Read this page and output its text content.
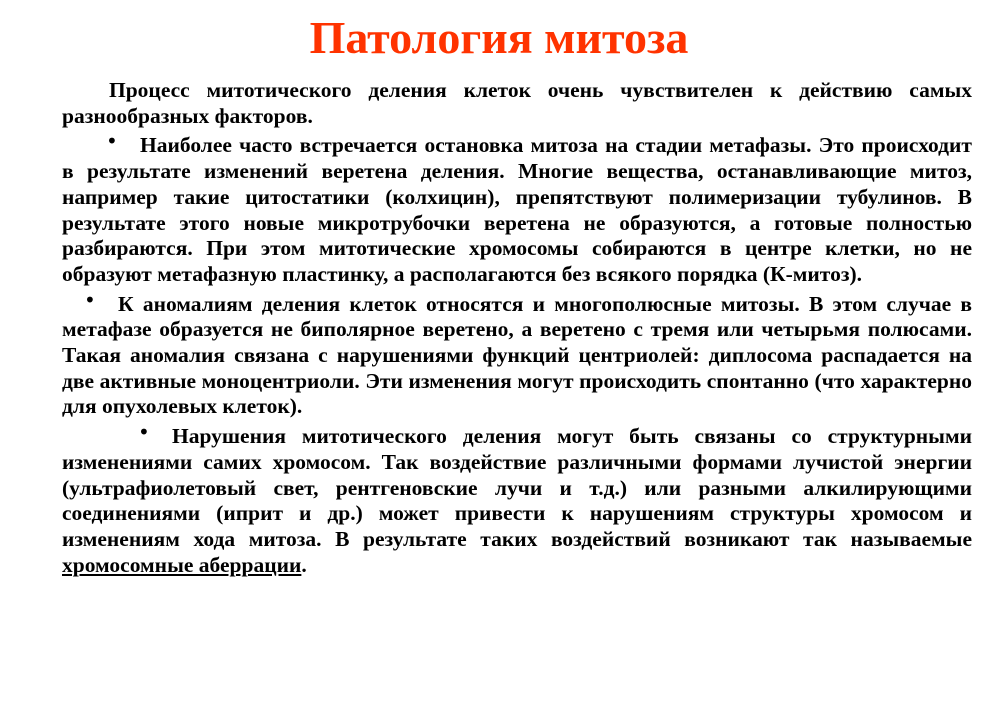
Патология митоза

Процесс митотического деления клеток очень чувствителен к действию самых разнообразных факторов.

• Наиболее часто встречается остановка митоза на стадии метафазы. Это происходит в результате изменений веретена деления. Многие вещества, останавливающие митоз, например такие цитостатики (колхицин), препятствуют полимеризации тубулинов. В результате этого новые микротрубочки веретена не образуются, а готовые полностью разбираются. При этом митотические хромосомы собираются в центре клетки, но не образуют метафазную пластинку, а располагаются без всякого порядка (К-митоз).

• К аномалиям деления клеток относятся и многополюсные митозы. В этом случае в метафазе образуется не биполярное веретено, а веретено с тремя или четырьмя полюсами. Такая аномалия связана с нарушениями функций центриолей: диплосома распадается на две активные моноцентриоли. Эти изменения могут происходить спонтанно (что характерно для опухолевых клеток).

• Нарушения митотического деления могут быть связаны со структурными изменениями самих хромосом. Так воздействие различными формами лучистой энергии (ультрафиолетовый свет, рентгеновские лучи и т.д.) или разными алкилирующими соединениями (иприт и др.) может привести к нарушениям структуры хромосом и изменениям хода митоза. В результате таких воздействий возникают так называемые хромосомные аберрации.
